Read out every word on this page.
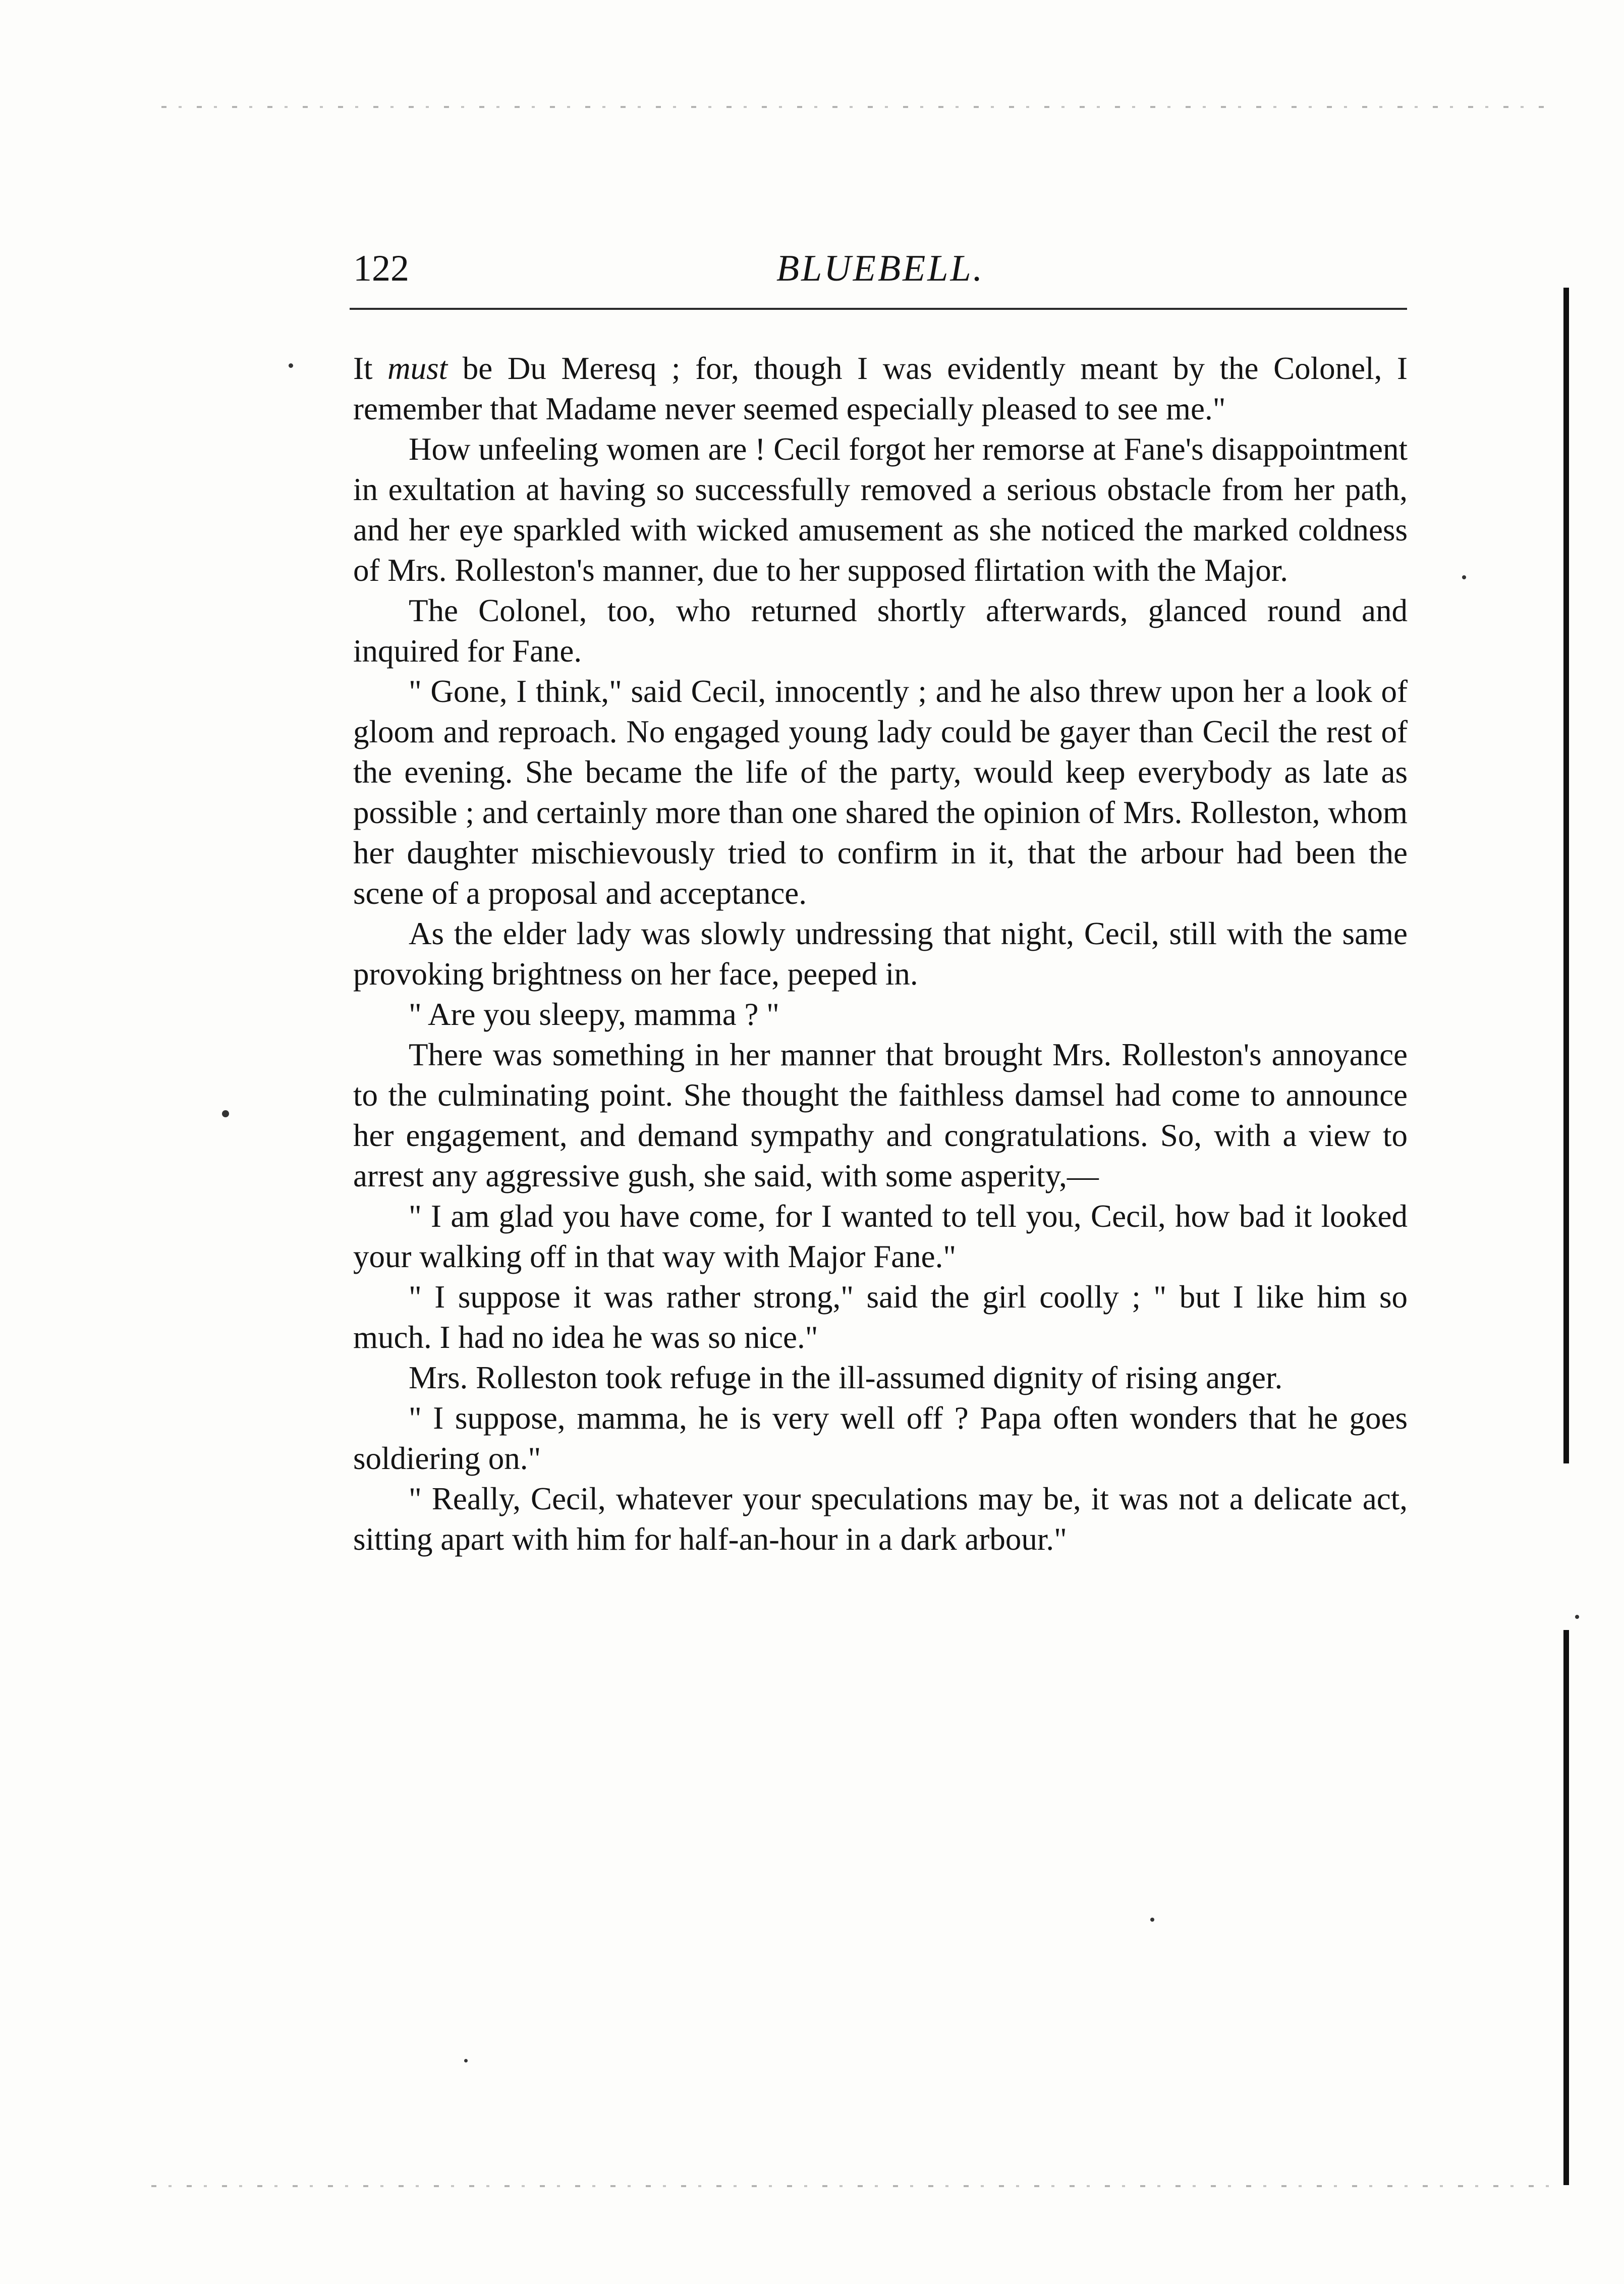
122	BLUEBELL.

It must be Du Meresq ; for, though I was evidently meant by the Colonel, I remember that Madame never seemed especially pleased to see me."

How unfeeling women are ! Cecil forgot her remorse at Fane's disappointment in exultation at having so successfully removed a serious obstacle from her path, and her eye sparkled with wicked amusement as she noticed the marked coldness of Mrs. Rolleston's manner, due to her supposed flirtation with the Major.

The Colonel, too, who returned shortly afterwards, glanced round and inquired for Fane.

" Gone, I think," said Cecil, innocently ; and he also threw upon her a look of gloom and reproach. No engaged young lady could be gayer than Cecil the rest of the evening. She became the life of the party, would keep everybody as late as possible ; and certainly more than one shared the opinion of Mrs. Rolleston, whom her daughter mischievously tried to confirm in it, that the arbour had been the scene of a proposal and acceptance.

As the elder lady was slowly undressing that night, Cecil, still with the same provoking brightness on her face, peeped in.

" Are you sleepy, mamma ? "

There was something in her manner that brought Mrs. Rolleston's annoyance to the culminating point. She thought the faithless damsel had come to announce her engagement, and demand sympathy and congratulations. So, with a view to arrest any aggressive gush, she said, with some asperity,—

" I am glad you have come, for I wanted to tell you, Cecil, how bad it looked your walking off in that way with Major Fane."

" I suppose it was rather strong," said the girl coolly ; " but I like him so much. I had no idea he was so nice."

Mrs. Rolleston took refuge in the ill-assumed dignity of rising anger.

" I suppose, mamma, he is very well off ? Papa often wonders that he goes soldiering on."

" Really, Cecil, whatever your speculations may be, it was not a delicate act, sitting apart with him for half-an-hour in a dark arbour."
